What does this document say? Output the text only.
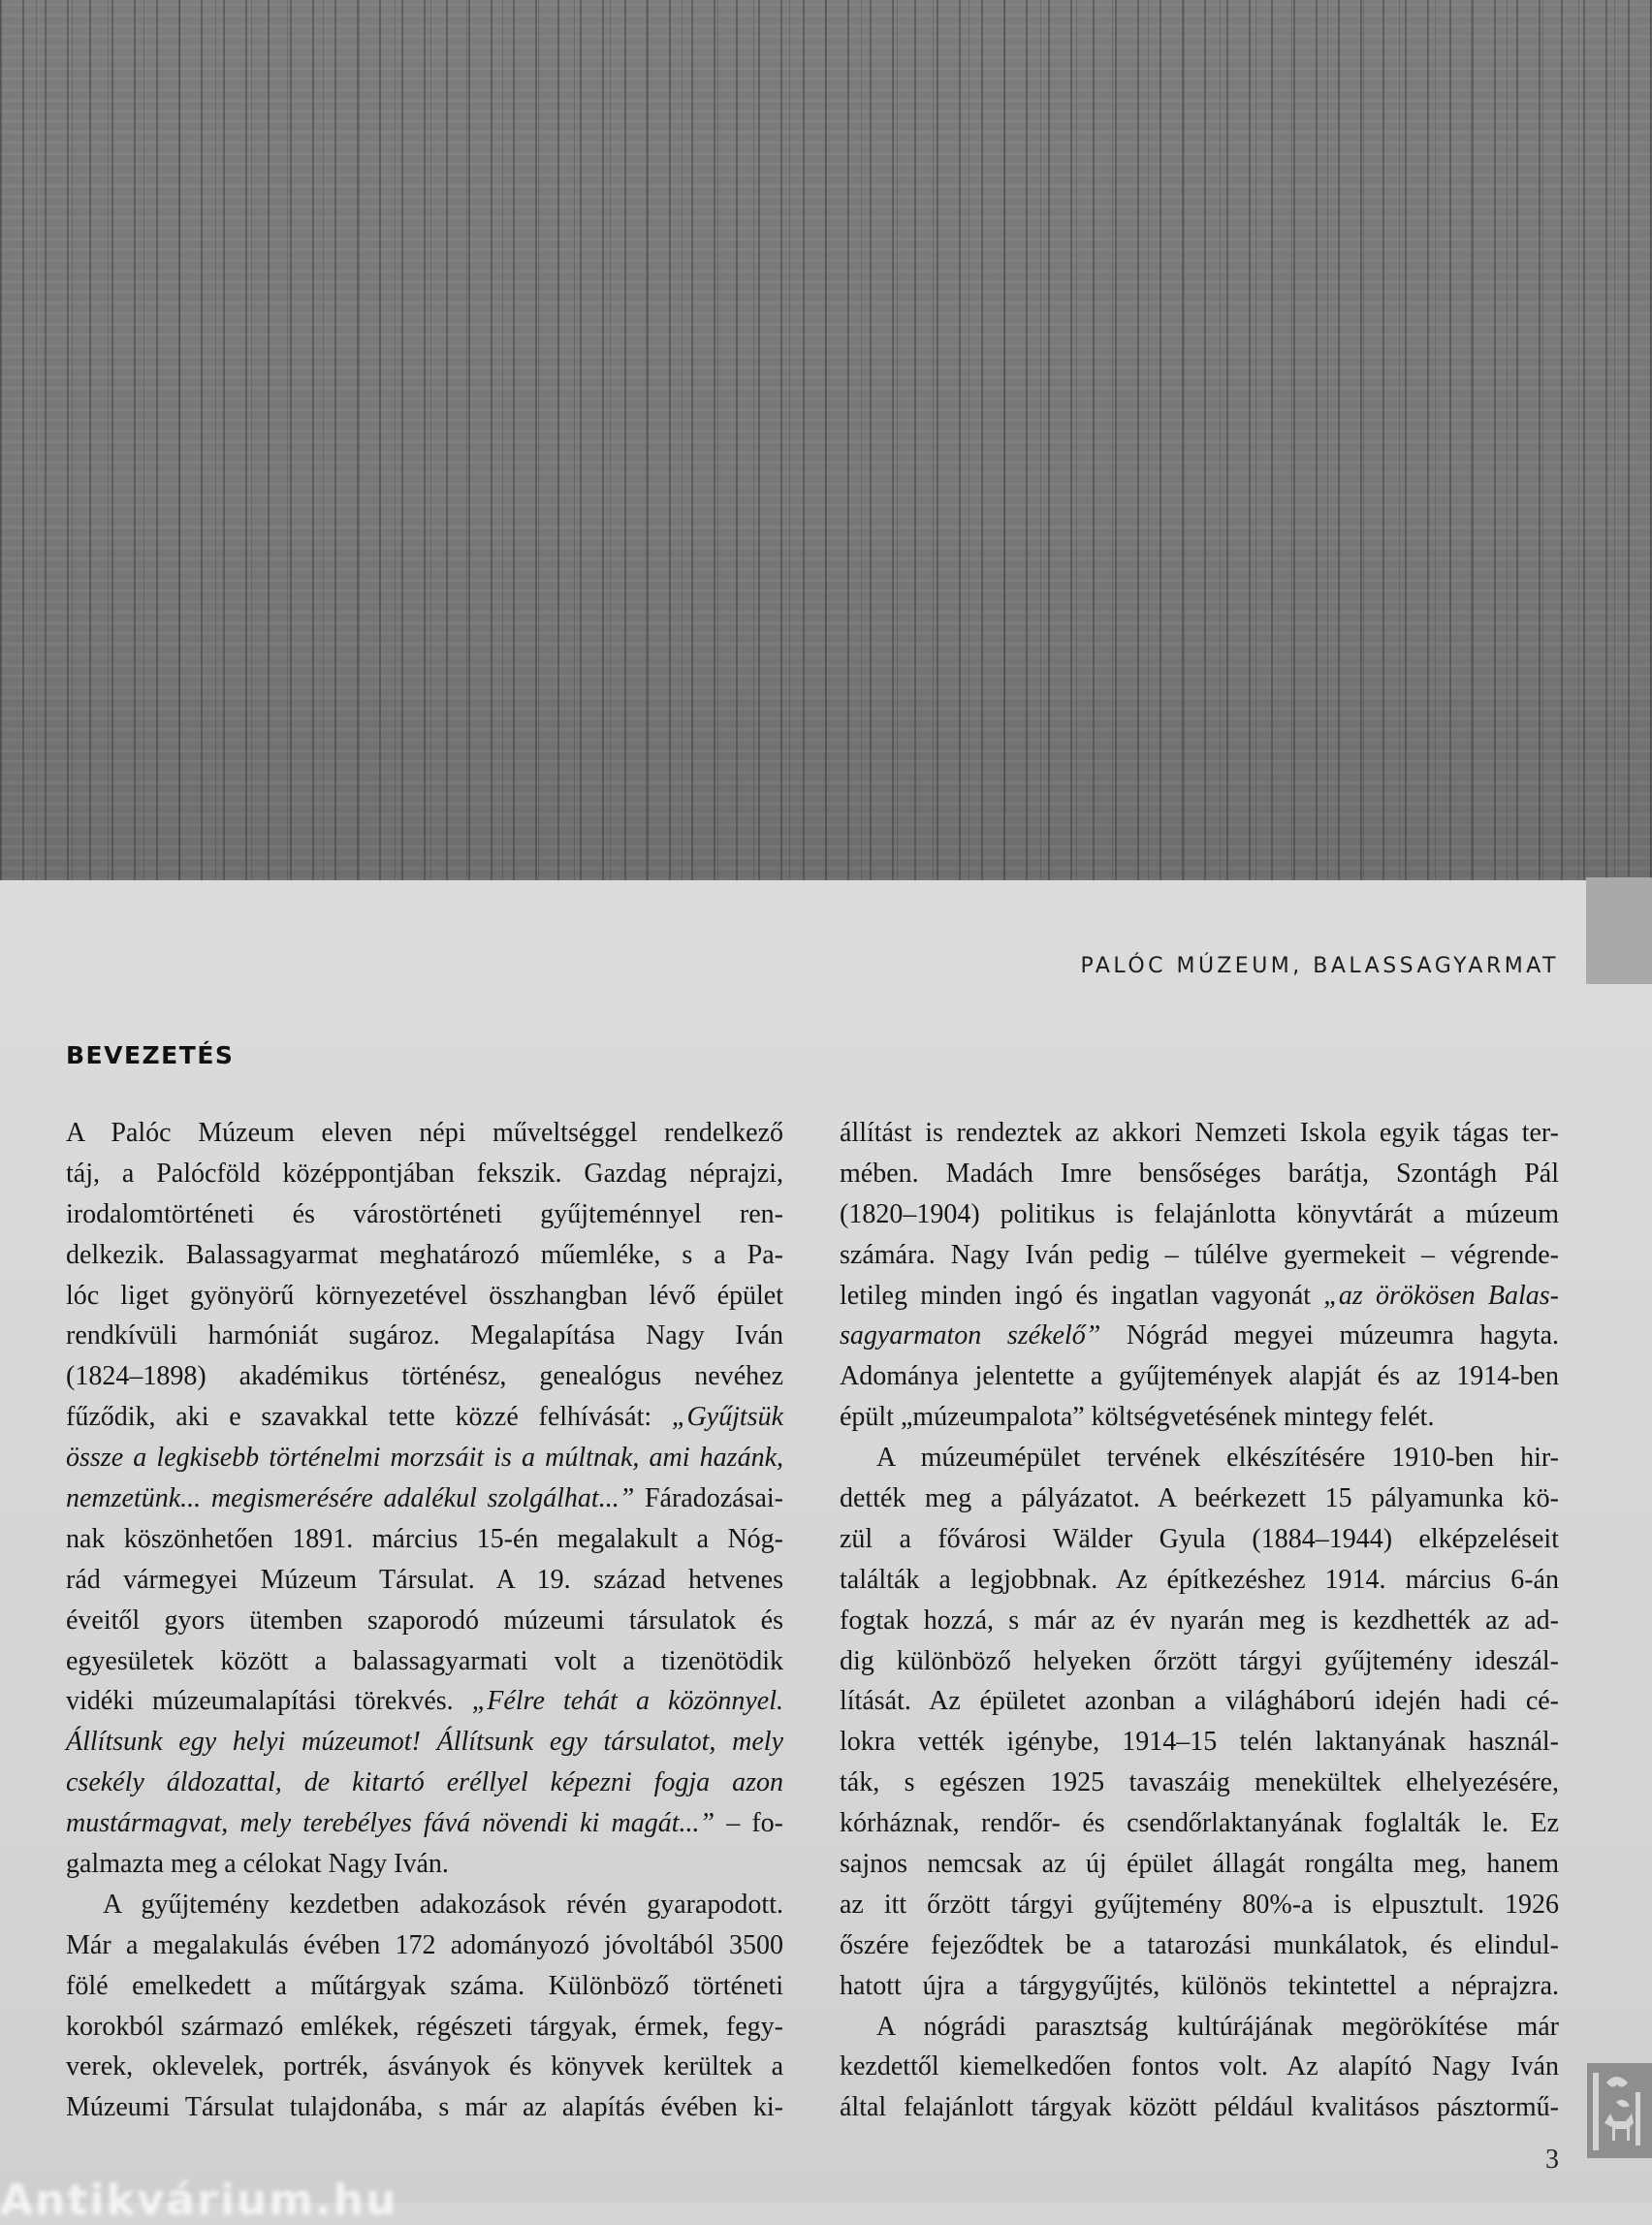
PALÓC MÚZEUM, BALASSAGYARMAT
BEVEZETÉS
A Palóc Múzeum eleven népi műveltséggel rendelkező
táj, a Palócföld középpontjában fekszik. Gazdag néprajzi,
irodalomtörténeti és várostörténeti gyűjteménnyel ren-
delkezik. Balassagyarmat meghatározó műemléke, s a Pa-
lóc liget gyönyörű környezetével összhangban lévő épület
rendkívüli harmóniát sugároz. Megalapítása Nagy Iván
(1824–1898) akadémikus történész, genealógus nevéhez
fűződik, aki e szavakkal tette közzé felhívását: „Gyűjtsük
össze a legkisebb történelmi morzsáit is a múltnak, ami hazánk,
nemzetünk... megismerésére adalékul szolgálhat...” Fáradozásai-
nak köszönhetően 1891. március 15-én megalakult a Nóg-
rád vármegyei Múzeum Társulat. A 19. század hetvenes
éveitől gyors ütemben szaporodó múzeumi társulatok és
egyesületek között a balassagyarmati volt a tizenötödik
vidéki múzeumalapítási törekvés. „Félre tehát a közönnyel.
Állítsunk egy helyi múzeumot! Állítsunk egy társulatot, mely
csekély áldozattal, de kitartó eréllyel képezni fogja azon
mustármagvat, mely terebélyes fává növendi ki magát...” – fo-
galmazta meg a célokat Nagy Iván.
A gyűjtemény kezdetben adakozások révén gyarapodott.
Már a megalakulás évében 172 adományozó jóvoltából 3500
fölé emelkedett a műtárgyak száma. Különböző történeti
korokból származó emlékek, régészeti tárgyak, érmek, fegy-
verek, oklevelek, portrék, ásványok és könyvek kerültek a
Múzeumi Társulat tulajdonába, s már az alapítás évében ki-
állítást is rendeztek az akkori Nemzeti Iskola egyik tágas ter-
mében. Madách Imre bensőséges barátja, Szontágh Pál
(1820–1904) politikus is felajánlotta könyvtárát a múzeum
számára. Nagy Iván pedig – túlélve gyermekeit – végrende-
letileg minden ingó és ingatlan vagyonát „az örökösen Balas-
sagyarmaton székelő” Nógrád megyei múzeumra hagyta.
Adománya jelentette a gyűjtemények alapját és az 1914-ben
épült „múzeumpalota” költségvetésének mintegy felét.
A múzeumépület tervének elkészítésére 1910-ben hir-
dették meg a pályázatot. A beérkezett 15 pályamunka kö-
zül a fővárosi Wälder Gyula (1884–1944) elképzeléseit
találták a legjobbnak. Az építkezéshez 1914. március 6-án
fogtak hozzá, s már az év nyarán meg is kezdhették az ad-
dig különböző helyeken őrzött tárgyi gyűjtemény ideszál-
lítását. Az épületet azonban a világháború idején hadi cé-
lokra vették igénybe, 1914–15 telén laktanyának használ-
ták, s egészen 1925 tavaszáig menekültek elhelyezésére,
kórháznak, rendőr- és csendőrlaktanyának foglalták le. Ez
sajnos nemcsak az új épület állagát rongálta meg, hanem
az itt őrzött tárgyi gyűjtemény 80%-a is elpusztult. 1926
őszére fejeződtek be a tatarozási munkálatok, és elindul-
hatott újra a tárgygyűjtés, különös tekintettel a néprajzra.
A nógrádi parasztság kultúrájának megörökítése már
kezdettől kiemelkedően fontos volt. Az alapító Nagy Iván
által felajánlott tárgyak között például kvalitásos pásztormű-
3
Antikvárium.hu
